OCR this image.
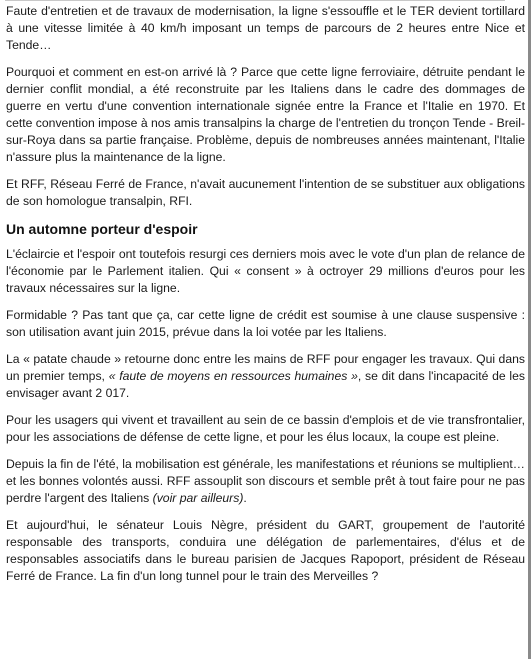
Faute d'entretien et de travaux de modernisation, la ligne s'essouffle et le TER devient tortillard à une vitesse limitée à 40 km/h imposant un temps de parcours de 2 heures entre Nice et Tende…

Pourquoi et comment en est-on arrivé là ? Parce que cette ligne ferroviaire, détruite pendant le dernier conflit mondial, a été reconstruite par les Italiens dans le cadre des dommages de guerre en vertu d'une convention internationale signée entre la France et l'Italie en 1970. Et cette convention impose à nos amis transalpins la charge de l'entretien du tronçon Tende - Breil-sur-Roya dans sa partie française. Problème, depuis de nombreuses années maintenant, l'Italie n'assure plus la maintenance de la ligne.

Et RFF, Réseau Ferré de France, n'avait aucunement l'intention de se substituer aux obligations de son homologue transalpin, RFI.

Un automne porteur d'espoir

L'éclaircie et l'espoir ont toutefois resurgi ces derniers mois avec le vote d'un plan de relance de l'économie par le Parlement italien. Qui « consent » à octroyer 29 millions d'euros pour les travaux nécessaires sur la ligne.

Formidable ? Pas tant que ça, car cette ligne de crédit est soumise à une clause suspensive : son utilisation avant juin 2015, prévue dans la loi votée par les Italiens.

La « patate chaude » retourne donc entre les mains de RFF pour engager les travaux. Qui dans un premier temps, « faute de moyens en ressources humaines », se dit dans l'incapacité de les envisager avant 2 017.

Pour les usagers qui vivent et travaillent au sein de ce bassin d'emplois et de vie transfrontalier, pour les associations de défense de cette ligne, et pour les élus locaux, la coupe est pleine.

Depuis la fin de l'été, la mobilisation est générale, les manifestations et réunions se multiplient… et les bonnes volontés aussi. RFF assouplit son discours et semble prêt à tout faire pour ne pas perdre l'argent des Italiens (voir par ailleurs).

Et aujourd'hui, le sénateur Louis Nègre, président du GART, groupement de l'autorité responsable des transports, conduira une délégation de parlementaires, d'élus et de responsables associatifs dans le bureau parisien de Jacques Rapoport, président de Réseau Ferré de France. La fin d'un long tunnel pour le train des Merveilles ?
